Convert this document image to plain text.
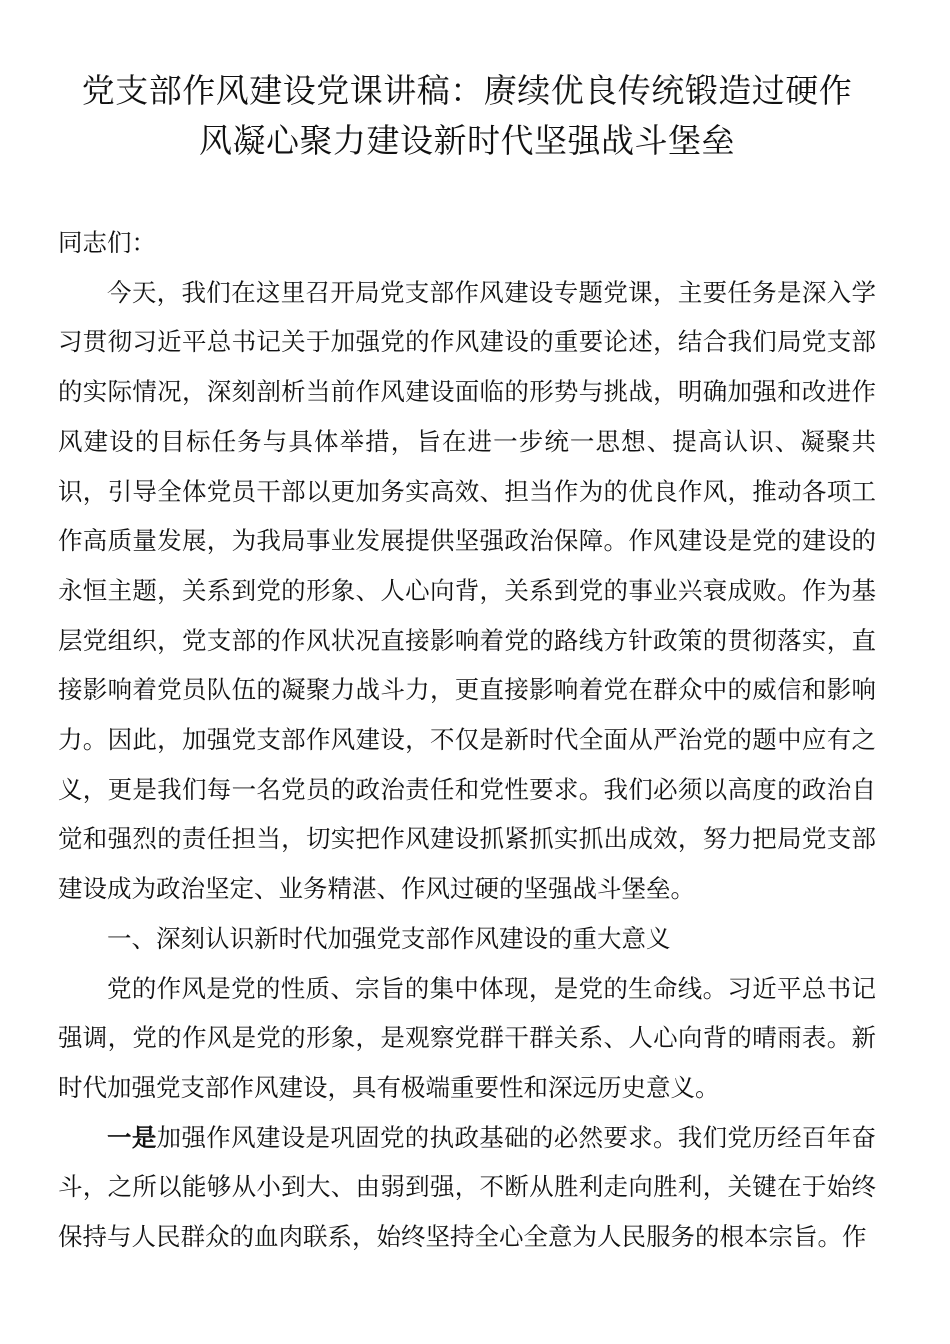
党支部作风建设党课讲稿：赓续优良传统锻造过硬作
风凝心聚力建设新时代坚强战斗堡垒

同志们：

今天，我们在这里召开局党支部作风建设专题党课，主要任务是深入学习贯彻习近平总书记关于加强党的作风建设的重要论述，结合我们局党支部的实际情况，深刻剖析当前作风建设面临的形势与挑战，明确加强和改进作风建设的目标任务与具体举措，旨在进一步统一思想、提高认识、凝聚共识，引导全体党员干部以更加务实高效、担当作为的优良作风，推动各项工作高质量发展，为我局事业发展提供坚强政治保障。作风建设是党的建设的永恒主题，关系到党的形象、人心向背，关系到党的事业兴衰成败。作为基层党组织，党支部的作风状况直接影响着党的路线方针政策的贯彻落实，直接影响着党员队伍的凝聚力战斗力，更直接影响着党在群众中的威信和影响力。因此，加强党支部作风建设，不仅是新时代全面从严治党的题中应有之义，更是我们每一名党员的政治责任和党性要求。我们必须以高度的政治自觉和强烈的责任担当，切实把作风建设抓紧抓实抓出成效，努力把局党支部建设成为政治坚定、业务精湛、作风过硬的坚强战斗堡垒。

一、深刻认识新时代加强党支部作风建设的重大意义

党的作风是党的性质、宗旨的集中体现，是党的生命线。习近平总书记强调，党的作风是党的形象，是观察党群干群关系、人心向背的晴雨表。新时代加强党支部作风建设，具有极端重要性和深远历史意义。

一是加强作风建设是巩固党的执政基础的必然要求。我们党历经百年奋斗，之所以能够从小到大、由弱到强，不断从胜利走向胜利，关键在于始终保持与人民群众的血肉联系，始终坚持全心全意为人民服务的根本宗旨。作
